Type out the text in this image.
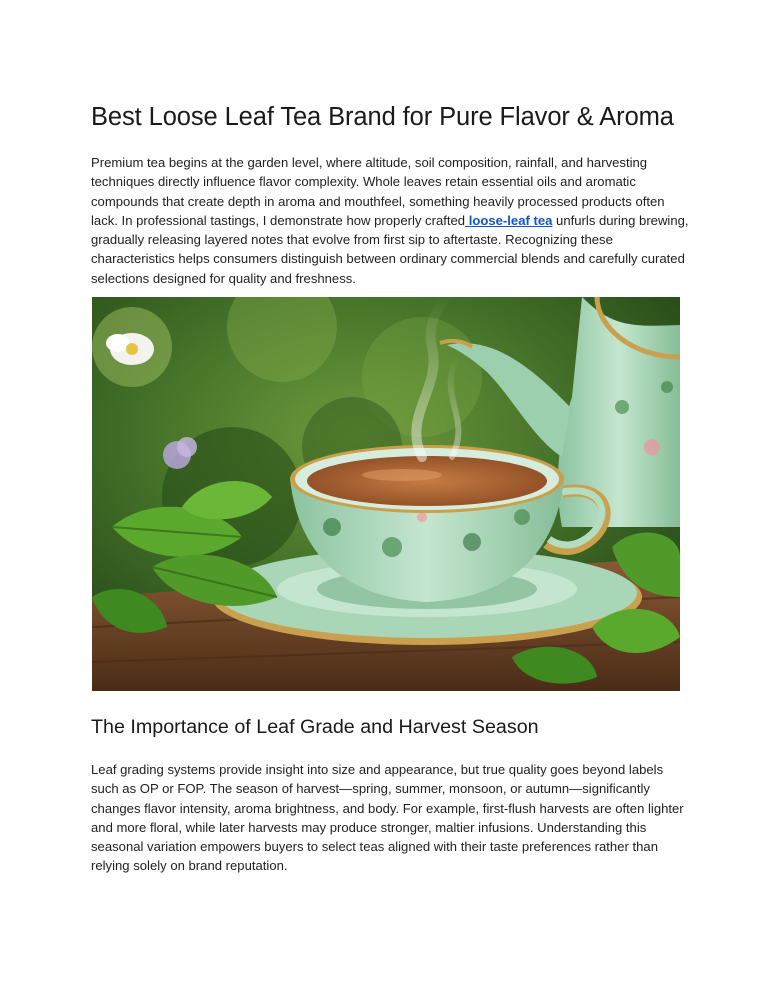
Best Loose Leaf Tea Brand for Pure Flavor & Aroma

Premium tea begins at the garden level, where altitude, soil composition, rainfall, and harvesting techniques directly influence flavor complexity. Whole leaves retain essential oils and aromatic compounds that create depth in aroma and mouthfeel, something heavily processed products often lack. In professional tastings, I demonstrate how properly crafted loose-leaf tea unfurls during brewing, gradually releasing layered notes that evolve from first sip to aftertaste. Recognizing these characteristics helps consumers distinguish between ordinary commercial blends and carefully curated selections designed for quality and freshness.

The Importance of Leaf Grade and Harvest Season

Leaf grading systems provide insight into size and appearance, but true quality goes beyond labels such as OP or FOP. The season of harvest—spring, summer, monsoon, or autumn—significantly changes flavor intensity, aroma brightness, and body. For example, first-flush harvests are often lighter and more floral, while later harvests may produce stronger, maltier infusions. Understanding this seasonal variation empowers buyers to select teas aligned with their taste preferences rather than relying solely on brand reputation.
